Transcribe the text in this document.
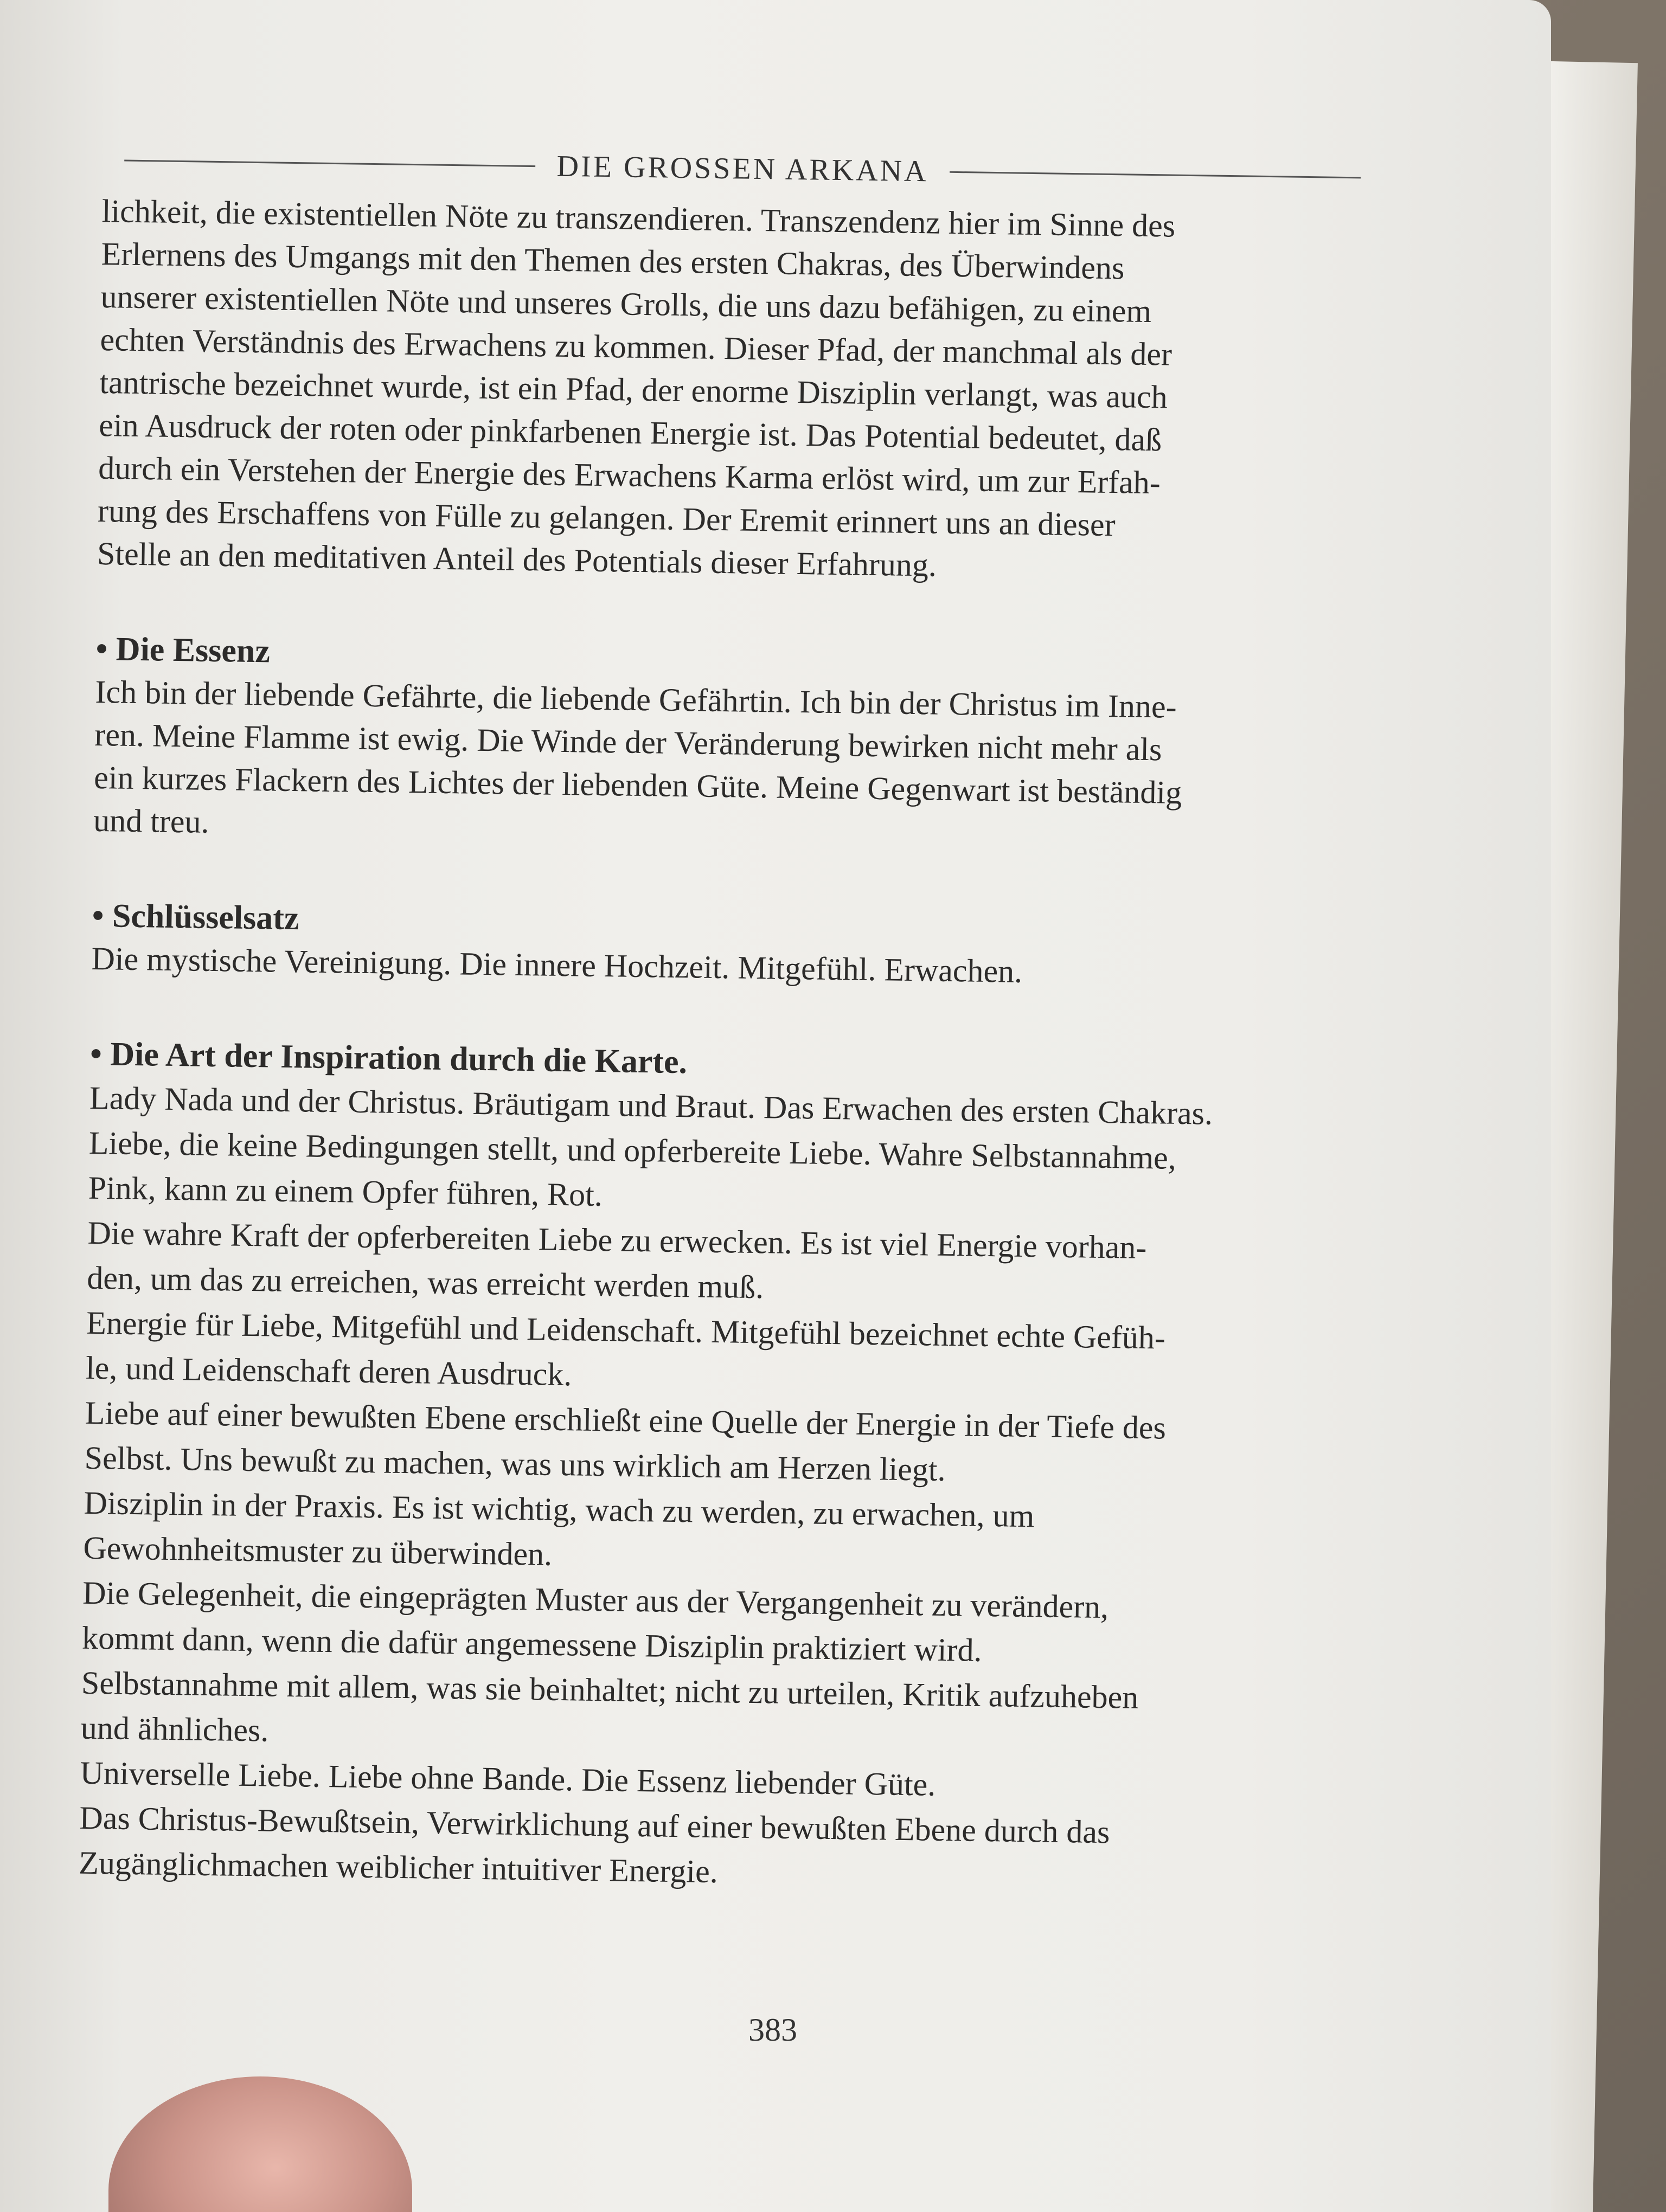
DIE GROSSEN ARKANA

lichkeit, die existentiellen Nöte zu transzendieren. Transzendenz hier im Sinne des

Erlernens des Umgangs mit den Themen des ersten Chakras, des Überwindens

unserer existentiellen Nöte und unseres Grolls, die uns dazu befähigen, zu einem

echten Verständnis des Erwachens zu kommen. Dieser Pfad, der manchmal als der

tantrische bezeichnet wurde, ist ein Pfad, der enorme Disziplin verlangt, was auch

ein Ausdruck der roten oder pinkfarbenen Energie ist. Das Potential bedeutet, daß

durch ein Verstehen der Energie des Erwachens Karma erlöst wird, um zur Erfah-

rung des Erschaffens von Fülle zu gelangen. Der Eremit erinnert uns an dieser

Stelle an den meditativen Anteil des Potentials dieser Erfahrung.

• Die Essenz

Ich bin der liebende Gefährte, die liebende Gefährtin. Ich bin der Christus im Inne-

ren. Meine Flamme ist ewig. Die Winde der Veränderung bewirken nicht mehr als

ein kurzes Flackern des Lichtes der liebenden Güte. Meine Gegenwart ist beständig

und treu.

• Schlüsselsatz

Die mystische Vereinigung. Die innere Hochzeit. Mitgefühl. Erwachen.

• Die Art der Inspiration durch die Karte.

Lady Nada und der Christus. Bräutigam und Braut. Das Erwachen des ersten Chakras.

Liebe, die keine Bedingungen stellt, und opferbereite Liebe. Wahre Selbstannahme,

Pink, kann zu einem Opfer führen, Rot.

Die wahre Kraft der opferbereiten Liebe zu erwecken. Es ist viel Energie vorhan-

den, um das zu erreichen, was erreicht werden muß.

Energie für Liebe, Mitgefühl und Leidenschaft. Mitgefühl bezeichnet echte Gefüh-

le, und Leidenschaft deren Ausdruck.

Liebe auf einer bewußten Ebene erschließt eine Quelle der Energie in der Tiefe des

Selbst. Uns bewußt zu machen, was uns wirklich am Herzen liegt.

Disziplin in der Praxis. Es ist wichtig, wach zu werden, zu erwachen, um

Gewohnheitsmuster zu überwinden.

Die Gelegenheit, die eingeprägten Muster aus der Vergangenheit zu verändern,

kommt dann, wenn die dafür angemessene Disziplin praktiziert wird.

Selbstannahme mit allem, was sie beinhaltet; nicht zu urteilen, Kritik aufzuheben

und ähnliches.

Universelle Liebe. Liebe ohne Bande. Die Essenz liebender Güte.

Das Christus-Bewußtsein, Verwirklichung auf einer bewußten Ebene durch das

Zugänglichmachen weiblicher intuitiver Energie.

383
